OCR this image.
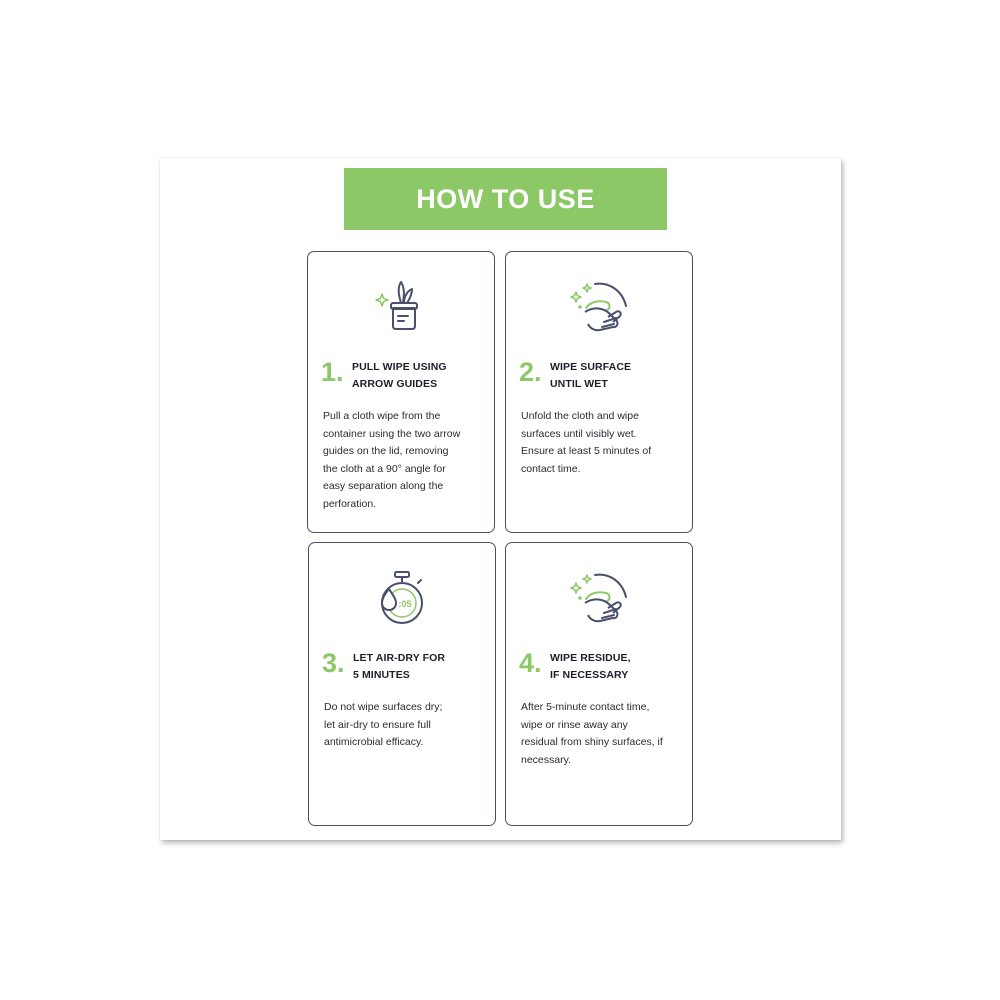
HOW TO USE
1. PULL WIPE USING
ARROW GUIDES
Pull a cloth wipe from the
container using the two arrow
guides on the lid, removing
the cloth at a 90° angle for
easy separation along the
perforation.
2. WIPE SURFACE
UNTIL WET
Unfold the cloth and wipe
surfaces until visibly wet.
Ensure at least 5 minutes of
contact time.
:05
3. LET AIR-DRY FOR
5 MINUTES
Do not wipe surfaces dry;
let air-dry to ensure full
antimicrobial efficacy.
4. WIPE RESIDUE,
IF NECESSARY
After 5-minute contact time,
wipe or rinse away any
residual from shiny surfaces, if
necessary.
